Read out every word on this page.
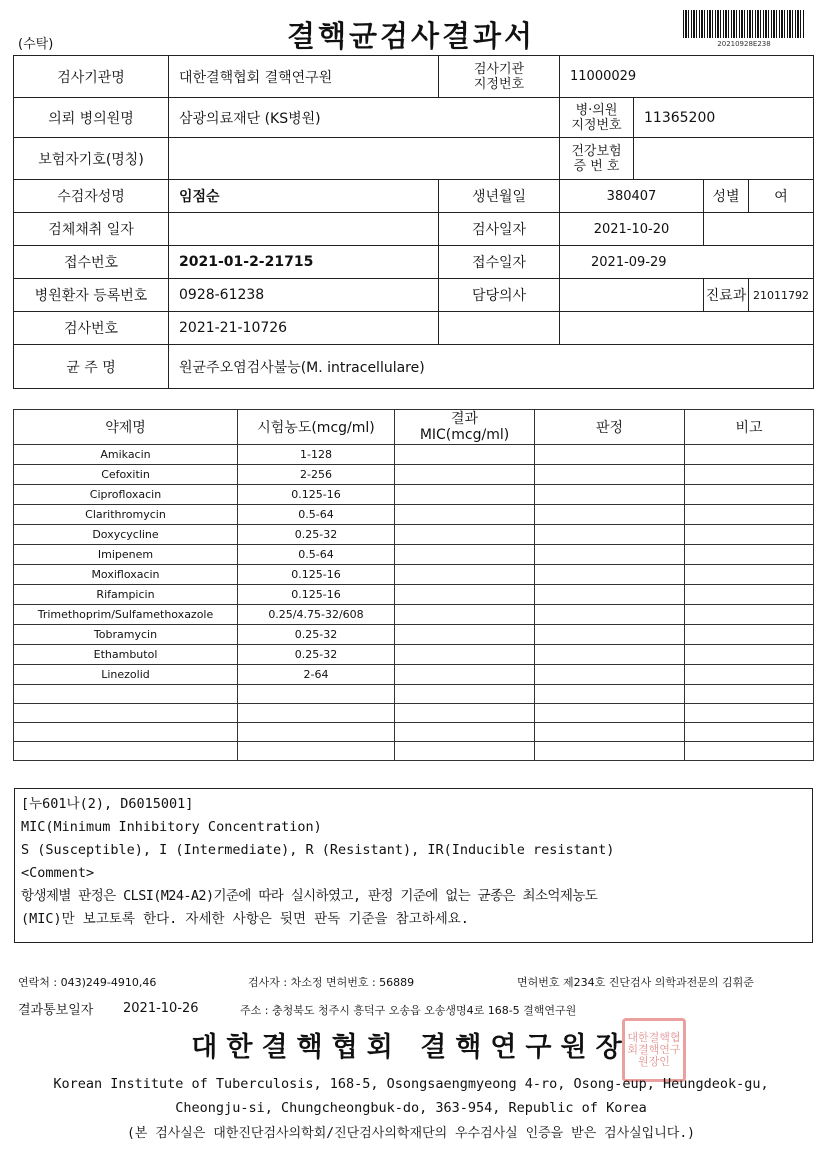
(수탁)	결핵균검사결과서	20210928E238
검사기관명	대한결핵협회 결핵연구원	검사기관
지정번호	11000029		
의뢰 병의원명	삼광의료재단 (KS병원)		병·의원
지정번호 11365200		

보험자기호(명칭)			건강보험
증 번 호		

수검자성명	임점순	생년월일	380407	성별	여
검체채취 일자		검사일자	2021-10-20		
접수번호	2021-01-2-21715	접수일자	2021-09-29		
병원환자 등록번호	0928-61238	담당의사		진료과	21011792
검사번호	2021-21-10726				
균 주 명	원균주오염검사불능(M. intracellulare)				
약제명	시험농도(mcg/ml)	결과
MIC(mcg/ml)	판정	비고
Amikacin	1-128			
Cefoxitin	2-256			
Ciprofloxacin	0.125-16			
Clarithromycin	0.5-64			
Doxycycline	0.25-32			
Imipenem	0.5-64			
Moxifloxacin	0.125-16			
Rifampicin	0.125-16			
Trimethoprim/Sulfamethoxazole	0.25/4.75-32/608			
Tobramycin	0.25-32			
Ethambutol	0.25-32			
Linezolid	2-64			

[누601나(2), D6015001]
MIC(Minimum Inhibitory Concentration)
S (Susceptible), I (Intermediate), R (Resistant), IR(Inducible resistant)
<Comment>
항생제별 판정은 CLSI(M24-A2)기준에 따라 실시하였고, 판정 기준에 없는 균종은 최소억제농도
(MIC)만 보고토록 한다. 자세한 사항은 뒷면 판독 기준을 참고하세요.
연락처 : 043)249-4910,46	검사자 : 차소정 면허번호 : 56889	면허번호 제234호 진단검사 의학과전문의 김휘준
결과통보일자 2021-10-26	주소 : 충청북도 청주시 흥덕구 오송읍 오송생명4로 168-5 결핵연구원
대한결핵협회결핵연구원장인
대한결핵협회 결핵연구원장
Korean Institute of Tuberculosis, 168-5, Osongsaengmyeong 4-ro, Osong-eup, Heungdeok-gu,
Cheongju-si, Chungcheongbuk-do, 363-954, Republic of Korea
(본 검사실은 대한진단검사의학회/진단검사의학재단의 우수검사실 인증을 받은 검사실입니다.)
